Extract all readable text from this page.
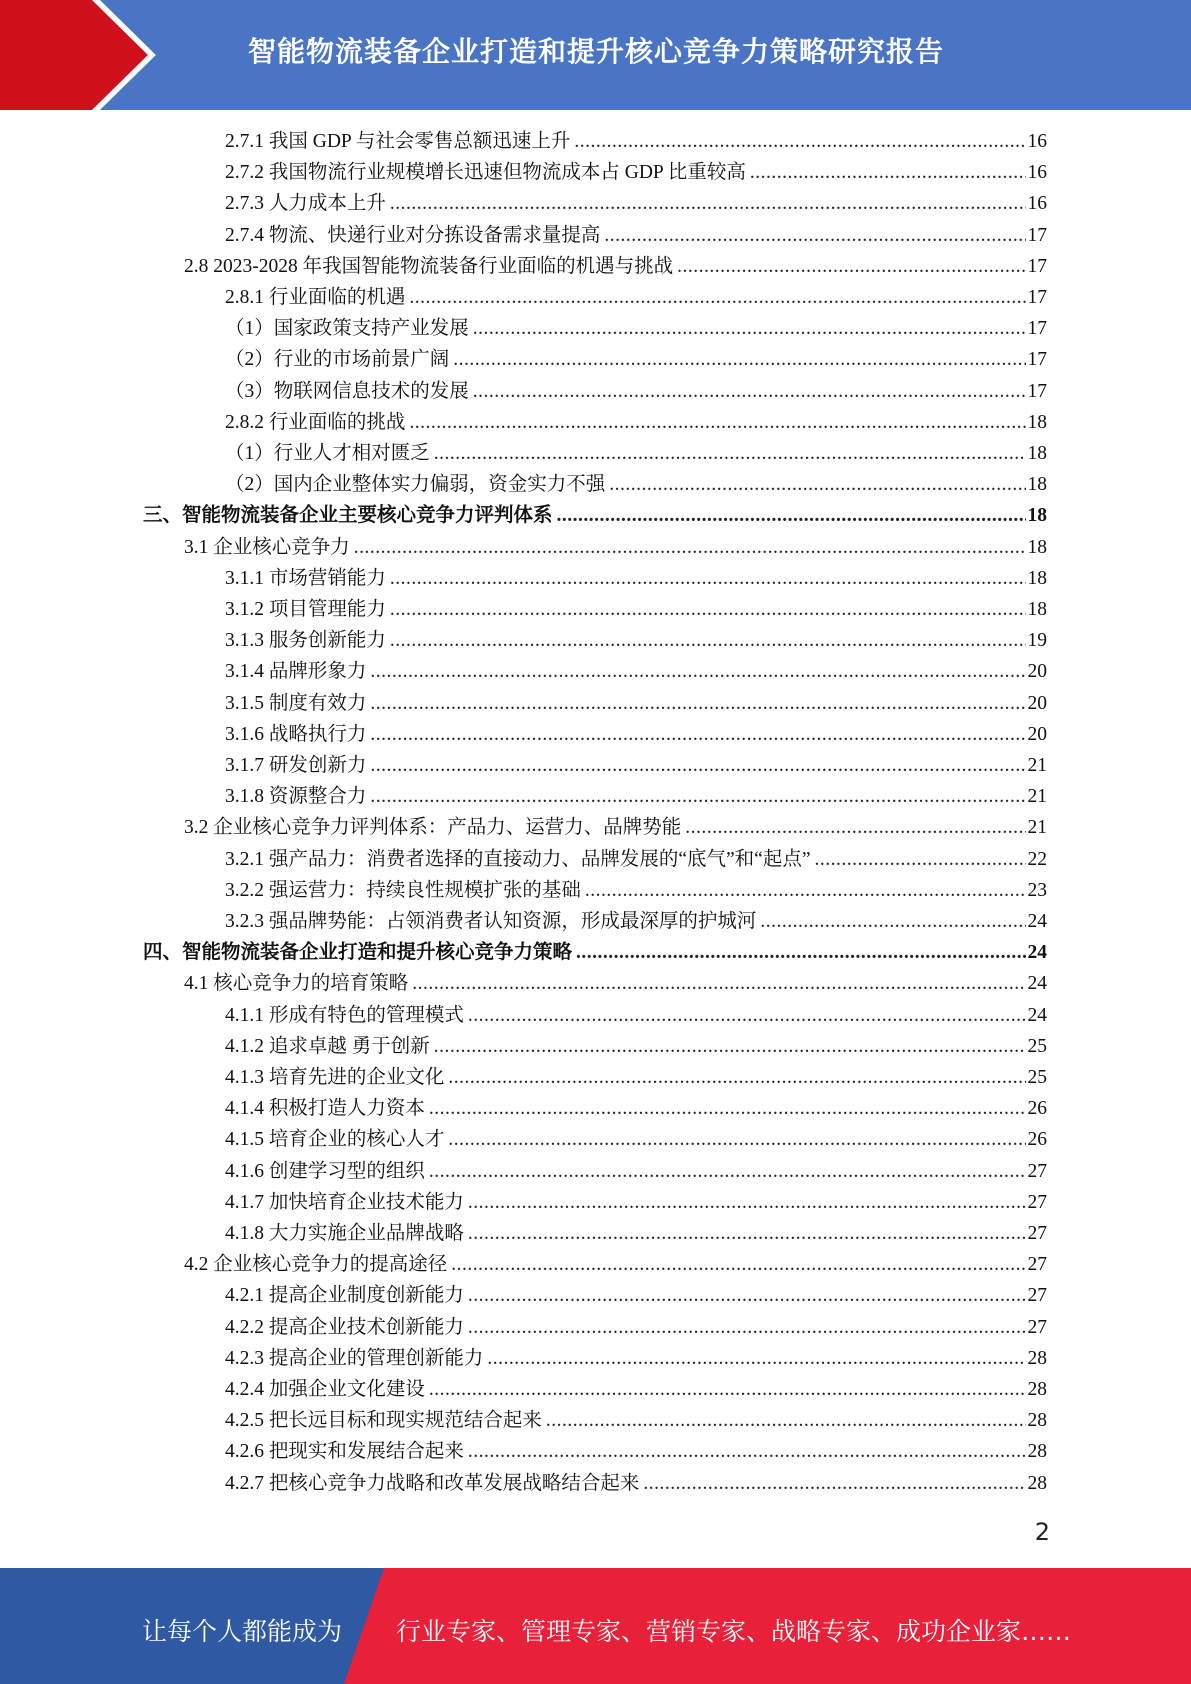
智能物流装备企业打造和提升核心竞争力策略研究报告
2.7.1 我国 GDP 与社会零售总额迅速上升 .....	16
2.7.2 我国物流行业规模增长迅速但物流成本占 GDP 比重较高 .....	16
2.7.3 人力成本上升 .....	16
2.7.4 物流、快递行业对分拣设备需求量提高 .....	17
2.8 2023-2028 年我国智能物流装备行业面临的机遇与挑战 .....	17
2.8.1 行业面临的机遇 .....	17
（1）国家政策支持产业发展 .....	17
（2）行业的市场前景广阔 .....	17
（3）物联网信息技术的发展 .....	17
2.8.2 行业面临的挑战 .....	18
（1）行业人才相对匮乏 .....	18
（2）国内企业整体实力偏弱，资金实力不强 .....	18
三、智能物流装备企业主要核心竞争力评判体系 .....	18
3.1 企业核心竞争力 .....	18
3.1.1 市场营销能力 .....	18
3.1.2 项目管理能力 .....	18
3.1.3 服务创新能力 .....	19
3.1.4 品牌形象力 .....	20
3.1.5 制度有效力 .....	20
3.1.6 战略执行力 .....	20
3.1.7 研发创新力 .....	21
3.1.8 资源整合力 .....	21
3.2 企业核心竞争力评判体系：产品力、运营力、品牌势能 .....	21
3.2.1 强产品力：消费者选择的直接动力、品牌发展的“底气”和“起点” .....	22
3.2.2 强运营力：持续良性规模扩张的基础 .....	23
3.2.3 强品牌势能：占领消费者认知资源，形成最深厚的护城河 .....	24
四、智能物流装备企业打造和提升核心竞争力策略 .....	24
4.1 核心竞争力的培育策略 .....	24
4.1.1 形成有特色的管理模式 .....	24
4.1.2 追求卓越 勇于创新 .....	25
4.1.3 培育先进的企业文化 .....	25
4.1.4 积极打造人力资本 .....	26
4.1.5 培育企业的核心人才 .....	26
4.1.6 创建学习型的组织 .....	27
4.1.7 加快培育企业技术能力 .....	27
4.1.8 大力实施企业品牌战略 .....	27
4.2 企业核心竞争力的提高途径 .....	27
4.2.1 提高企业制度创新能力 .....	27
4.2.2 提高企业技术创新能力 .....	27
4.2.3 提高企业的管理创新能力 .....	28
4.2.4 加强企业文化建设 .....	28
4.2.5 把长远目标和现实规范结合起来 .....	28
4.2.6 把现实和发展结合起来 .....	28
4.2.7 把核心竞争力战略和改革发展战略结合起来 .....	28
2
让每个人都能成为 行业专家、管理专家、营销专家、战略专家、成功企业家……
